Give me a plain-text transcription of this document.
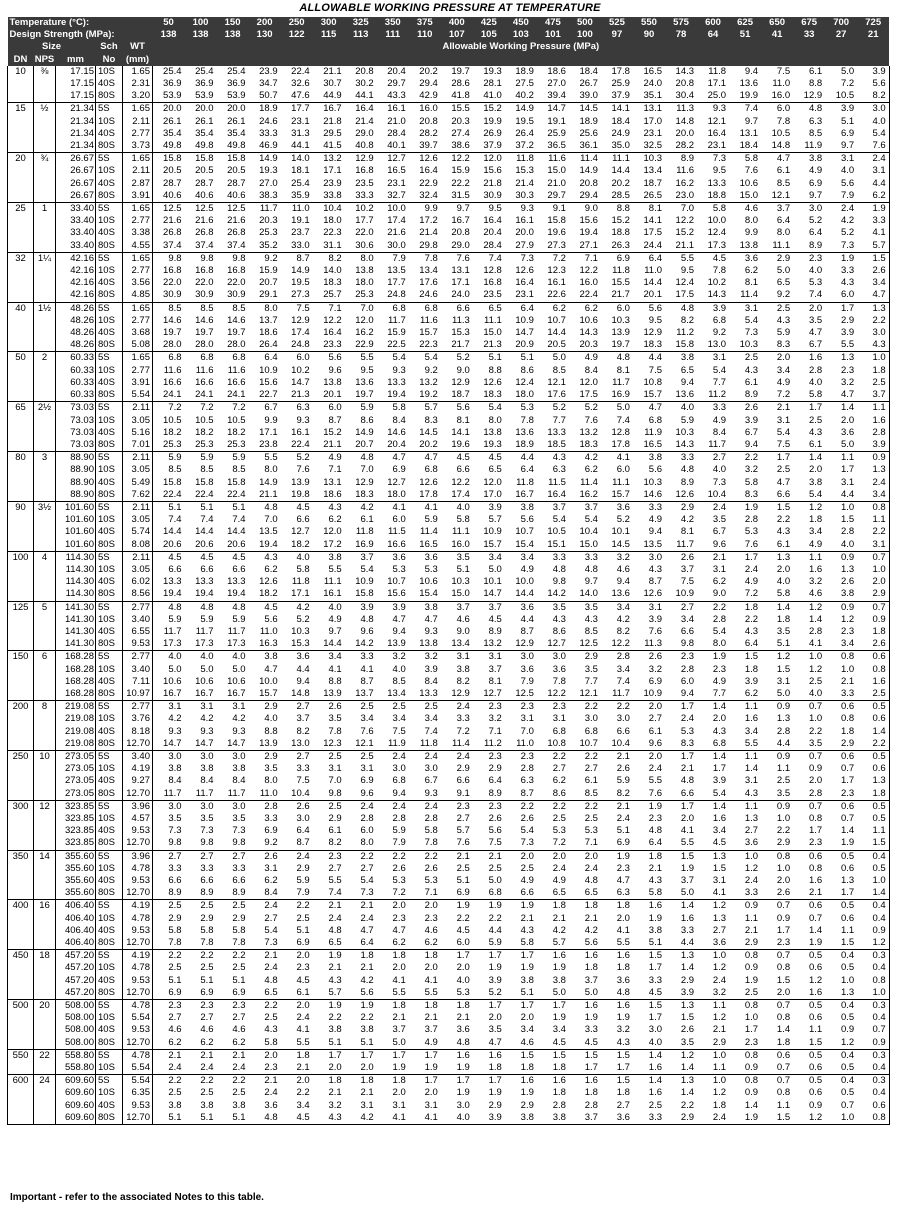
ALLOWABLE WORKING PRESSURE AT TEMPERATURE
Temperature (°C):					50	100	150	200	250	300	325	350	375	400	425	450	475	500	525	550	575	600	625	650	675	700	725
Design Strength (MPa):					138	138	138	130	122	115	113	111	110	107	105	103	101	100	97	90	78	64	51	41	33	27	21
Size			Sch	WT	Allowable Working Pressure (MPa)																						
DN	NPS	mm	No	(mm)																							
10	⅜	17.15	10S	1.65	25.4	25.4	25.4	23.9	22.4	21.1	20.8	20.4	20.2	19.7	19.3	18.9	18.6	18.4	17.8	16.5	14.3	11.8	9.4	7.5	6.1	5.0	3.9
		17.15	40S	2.31	36.9	36.9	36.9	34.7	32.6	30.7	30.2	29.7	29.4	28.6	28.1	27.5	27.0	26.7	25.9	24.0	20.8	17.1	13.6	11.0	8.8	7.2	5.6
		17.15	80S	3.20	53.9	53.9	53.9	50.7	47.6	44.9	44.1	43.3	42.9	41.8	41.0	40.2	39.4	39.0	37.9	35.1	30.4	25.0	19.9	16.0	12.9	10.5	8.2
15	½	21.34	5S	1.65	20.0	20.0	20.0	18.9	17.7	16.7	16.4	16.1	16.0	15.5	15.2	14.9	14.7	14.5	14.1	13.1	11.3	9.3	7.4	6.0	4.8	3.9	3.0
		21.34	10S	2.11	26.1	26.1	26.1	24.6	23.1	21.8	21.4	21.0	20.8	20.3	19.9	19.5	19.1	18.9	18.4	17.0	14.8	12.1	9.7	7.8	6.3	5.1	4.0
		21.34	40S	2.77	35.4	35.4	35.4	33.3	31.3	29.5	29.0	28.4	28.2	27.4	26.9	26.4	25.9	25.6	24.9	23.1	20.0	16.4	13.1	10.5	8.5	6.9	5.4
		21.34	80S	3.73	49.8	49.8	49.8	46.9	44.1	41.5	40.8	40.1	39.7	38.6	37.9	37.2	36.5	36.1	35.0	32.5	28.2	23.1	18.4	14.8	11.9	9.7	7.6
20	¾	26.67	5S	1.65	15.8	15.8	15.8	14.9	14.0	13.2	12.9	12.7	12.6	12.2	12.0	11.8	11.6	11.4	11.1	10.3	8.9	7.3	5.8	4.7	3.8	3.1	2.4
		26.67	10S	2.11	20.5	20.5	20.5	19.3	18.1	17.1	16.8	16.5	16.4	15.9	15.6	15.3	15.0	14.9	14.4	13.4	11.6	9.5	7.6	6.1	4.9	4.0	3.1
		26.67	40S	2.87	28.7	28.7	28.7	27.0	25.4	23.9	23.5	23.1	22.9	22.2	21.8	21.4	21.0	20.8	20.2	18.7	16.2	13.3	10.6	8.5	6.9	5.6	4.4
		26.67	80S	3.91	40.6	40.6	40.6	38.3	35.9	33.8	33.3	32.7	32.4	31.5	30.9	30.3	29.7	29.4	28.5	26.5	23.0	18.8	15.0	12.1	9.7	7.9	6.2
25	1	33.40	5S	1.65	12.5	12.5	12.5	11.7	11.0	10.4	10.2	10.0	9.9	9.7	9.5	9.3	9.1	9.0	8.8	8.1	7.0	5.8	4.6	3.7	3.0	2.4	1.9
		33.40	10S	2.77	21.6	21.6	21.6	20.3	19.1	18.0	17.7	17.4	17.2	16.7	16.4	16.1	15.8	15.6	15.2	14.1	12.2	10.0	8.0	6.4	5.2	4.2	3.3
		33.40	40S	3.38	26.8	26.8	26.8	25.3	23.7	22.3	22.0	21.6	21.4	20.8	20.4	20.0	19.6	19.4	18.8	17.5	15.2	12.4	9.9	8.0	6.4	5.2	4.1
		33.40	80S	4.55	37.4	37.4	37.4	35.2	33.0	31.1	30.6	30.0	29.8	29.0	28.4	27.9	27.3	27.1	26.3	24.4	21.1	17.3	13.8	11.1	8.9	7.3	5.7
32	1¼	42.16	5S	1.65	9.8	9.8	9.8	9.2	8.7	8.2	8.0	7.9	7.8	7.6	7.4	7.3	7.2	7.1	6.9	6.4	5.5	4.5	3.6	2.9	2.3	1.9	1.5
		42.16	10S	2.77	16.8	16.8	16.8	15.9	14.9	14.0	13.8	13.5	13.4	13.1	12.8	12.6	12.3	12.2	11.8	11.0	9.5	7.8	6.2	5.0	4.0	3.3	2.6
		42.16	40S	3.56	22.0	22.0	22.0	20.7	19.5	18.3	18.0	17.7	17.6	17.1	16.8	16.4	16.1	16.0	15.5	14.4	12.4	10.2	8.1	6.5	5.3	4.3	3.4
		42.16	80S	4.85	30.9	30.9	30.9	29.1	27.3	25.7	25.3	24.8	24.6	24.0	23.5	23.1	22.6	22.4	21.7	20.1	17.5	14.3	11.4	9.2	7.4	6.0	4.7
40	1½	48.26	5S	1.65	8.5	8.5	8.5	8.0	7.5	7.1	7.0	6.8	6.8	6.6	6.5	6.4	6.2	6.2	6.0	5.6	4.8	3.9	3.1	2.5	2.0	1.7	1.3
		48.26	10S	2.77	14.6	14.6	14.6	13.7	12.9	12.2	12.0	11.7	11.6	11.3	11.1	10.9	10.7	10.6	10.3	9.5	8.2	6.8	5.4	4.3	3.5	2.9	2.2
		48.26	40S	3.68	19.7	19.7	19.7	18.6	17.4	16.4	16.2	15.9	15.7	15.3	15.0	14.7	14.4	14.3	13.9	12.9	11.2	9.2	7.3	5.9	4.7	3.9	3.0
		48.26	80S	5.08	28.0	28.0	28.0	26.4	24.8	23.3	22.9	22.5	22.3	21.7	21.3	20.9	20.5	20.3	19.7	18.3	15.8	13.0	10.3	8.3	6.7	5.5	4.3
50	2	60.33	5S	1.65	6.8	6.8	6.8	6.4	6.0	5.6	5.5	5.4	5.4	5.2	5.1	5.1	5.0	4.9	4.8	4.4	3.8	3.1	2.5	2.0	1.6	1.3	1.0
		60.33	10S	2.77	11.6	11.6	11.6	10.9	10.2	9.6	9.5	9.3	9.2	9.0	8.8	8.6	8.5	8.4	8.1	7.5	6.5	5.4	4.3	3.4	2.8	2.3	1.8
		60.33	40S	3.91	16.6	16.6	16.6	15.6	14.7	13.8	13.6	13.3	13.2	12.9	12.6	12.4	12.1	12.0	11.7	10.8	9.4	7.7	6.1	4.9	4.0	3.2	2.5
		60.33	80S	5.54	24.1	24.1	24.1	22.7	21.3	20.1	19.7	19.4	19.2	18.7	18.3	18.0	17.6	17.5	16.9	15.7	13.6	11.2	8.9	7.2	5.8	4.7	3.7
65	2½	73.03	5S	2.11	7.2	7.2	7.2	6.7	6.3	6.0	5.9	5.8	5.7	5.6	5.4	5.3	5.2	5.2	5.0	4.7	4.0	3.3	2.6	2.1	1.7	1.4	1.1
		73.03	10S	3.05	10.5	10.5	10.5	9.9	9.3	8.7	8.6	8.4	8.3	8.1	8.0	7.8	7.7	7.6	7.4	6.8	5.9	4.9	3.9	3.1	2.5	2.0	1.6
		73.03	40S	5.16	18.2	18.2	18.2	17.1	16.1	15.2	14.9	14.6	14.5	14.1	13.8	13.6	13.3	13.2	12.8	11.9	10.3	8.4	6.7	5.4	4.3	3.6	2.8
		73.03	80S	7.01	25.3	25.3	25.3	23.8	22.4	21.1	20.7	20.4	20.2	19.6	19.3	18.9	18.5	18.3	17.8	16.5	14.3	11.7	9.4	7.5	6.1	5.0	3.9
80	3	88.90	5S	2.11	5.9	5.9	5.9	5.5	5.2	4.9	4.8	4.7	4.7	4.5	4.5	4.4	4.3	4.2	4.1	3.8	3.3	2.7	2.2	1.7	1.4	1.1	0.9
		88.90	10S	3.05	8.5	8.5	8.5	8.0	7.6	7.1	7.0	6.9	6.8	6.6	6.5	6.4	6.3	6.2	6.0	5.6	4.8	4.0	3.2	2.5	2.0	1.7	1.3
		88.90	40S	5.49	15.8	15.8	15.8	14.9	13.9	13.1	12.9	12.7	12.6	12.2	12.0	11.8	11.5	11.4	11.1	10.3	8.9	7.3	5.8	4.7	3.8	3.1	2.4
		88.90	80S	7.62	22.4	22.4	22.4	21.1	19.8	18.6	18.3	18.0	17.8	17.4	17.0	16.7	16.4	16.2	15.7	14.6	12.6	10.4	8.3	6.6	5.4	4.4	3.4
90	3½	101.60	5S	2.11	5.1	5.1	5.1	4.8	4.5	4.3	4.2	4.1	4.1	4.0	3.9	3.8	3.7	3.7	3.6	3.3	2.9	2.4	1.9	1.5	1.2	1.0	0.8
		101.60	10S	3.05	7.4	7.4	7.4	7.0	6.6	6.2	6.1	6.0	5.9	5.8	5.7	5.6	5.4	5.4	5.2	4.9	4.2	3.5	2.8	2.2	1.8	1.5	1.1
		101.60	40S	5.74	14.4	14.4	14.4	13.5	12.7	12.0	11.8	11.5	11.4	11.1	10.9	10.7	10.5	10.4	10.1	9.4	8.1	6.7	5.3	4.3	3.4	2.8	2.2
		101.60	80S	8.08	20.6	20.6	20.6	19.4	18.2	17.2	16.9	16.6	16.5	16.0	15.7	15.4	15.1	15.0	14.5	13.5	11.7	9.6	7.6	6.1	4.9	4.0	3.1
100	4	114.30	5S	2.11	4.5	4.5	4.5	4.3	4.0	3.8	3.7	3.6	3.6	3.5	3.4	3.4	3.3	3.3	3.2	3.0	2.6	2.1	1.7	1.3	1.1	0.9	0.7
		114.30	10S	3.05	6.6	6.6	6.6	6.2	5.8	5.5	5.4	5.3	5.3	5.1	5.0	4.9	4.8	4.8	4.6	4.3	3.7	3.1	2.4	2.0	1.6	1.3	1.0
		114.30	40S	6.02	13.3	13.3	13.3	12.6	11.8	11.1	10.9	10.7	10.6	10.3	10.1	10.0	9.8	9.7	9.4	8.7	7.5	6.2	4.9	4.0	3.2	2.6	2.0
		114.30	80S	8.56	19.4	19.4	19.4	18.2	17.1	16.1	15.8	15.6	15.4	15.0	14.7	14.4	14.2	14.0	13.6	12.6	10.9	9.0	7.2	5.8	4.6	3.8	2.9
125	5	141.30	5S	2.77	4.8	4.8	4.8	4.5	4.2	4.0	3.9	3.9	3.8	3.7	3.7	3.6	3.5	3.5	3.4	3.1	2.7	2.2	1.8	1.4	1.2	0.9	0.7
		141.30	10S	3.40	5.9	5.9	5.9	5.6	5.2	4.9	4.8	4.7	4.7	4.6	4.5	4.4	4.3	4.3	4.2	3.9	3.4	2.8	2.2	1.8	1.4	1.2	0.9
		141.30	40S	6.55	11.7	11.7	11.7	11.0	10.3	9.7	9.6	9.4	9.3	9.0	8.9	8.7	8.6	8.5	8.2	7.6	6.6	5.4	4.3	3.5	2.8	2.3	1.8
		141.30	80S	9.53	17.3	17.3	17.3	16.3	15.3	14.4	14.2	13.9	13.8	13.4	13.2	12.9	12.7	12.5	12.2	11.3	9.8	8.0	6.4	5.1	4.1	3.4	2.6
150	6	168.28	5S	2.77	4.0	4.0	4.0	3.8	3.6	3.4	3.3	3.2	3.2	3.1	3.1	3.0	3.0	2.9	2.8	2.6	2.3	1.9	1.5	1.2	1.0	0.8	0.6
		168.28	10S	3.40	5.0	5.0	5.0	4.7	4.4	4.1	4.1	4.0	3.9	3.8	3.7	3.6	3.6	3.5	3.4	3.2	2.8	2.3	1.8	1.5	1.2	1.0	0.8
		168.28	40S	7.11	10.6	10.6	10.6	10.0	9.4	8.8	8.7	8.5	8.4	8.2	8.1	7.9	7.8	7.7	7.4	6.9	6.0	4.9	3.9	3.1	2.5	2.1	1.6
		168.28	80S	10.97	16.7	16.7	16.7	15.7	14.8	13.9	13.7	13.4	13.3	12.9	12.7	12.5	12.2	12.1	11.7	10.9	9.4	7.7	6.2	5.0	4.0	3.3	2.5
200	8	219.08	5S	2.77	3.1	3.1	3.1	2.9	2.7	2.6	2.5	2.5	2.5	2.4	2.3	2.3	2.3	2.2	2.2	2.0	1.7	1.4	1.1	0.9	0.7	0.6	0.5
		219.08	10S	3.76	4.2	4.2	4.2	4.0	3.7	3.5	3.4	3.4	3.4	3.3	3.2	3.1	3.1	3.0	3.0	2.7	2.4	2.0	1.6	1.3	1.0	0.8	0.6
		219.08	40S	8.18	9.3	9.3	9.3	8.8	8.2	7.8	7.6	7.5	7.4	7.2	7.1	7.0	6.8	6.8	6.6	6.1	5.3	4.3	3.4	2.8	2.2	1.8	1.4
		219.08	80S	12.70	14.7	14.7	14.7	13.9	13.0	12.3	12.1	11.9	11.8	11.4	11.2	11.0	10.8	10.7	10.4	9.6	8.3	6.8	5.5	4.4	3.5	2.9	2.2
250	10	273.05	5S	3.40	3.0	3.0	3.0	2.9	2.7	2.5	2.5	2.4	2.4	2.4	2.3	2.3	2.2	2.2	2.1	2.0	1.7	1.4	1.1	0.9	0.7	0.6	0.5
		273.05	10S	4.19	3.8	3.8	3.8	3.5	3.3	3.1	3.1	3.0	3.0	2.9	2.9	2.8	2.7	2.7	2.6	2.4	2.1	1.7	1.4	1.1	0.9	0.7	0.6
		273.05	40S	9.27	8.4	8.4	8.4	8.0	7.5	7.0	6.9	6.8	6.7	6.6	6.4	6.3	6.2	6.1	5.9	5.5	4.8	3.9	3.1	2.5	2.0	1.7	1.3
		273.05	80S	12.70	11.7	11.7	11.7	11.0	10.4	9.8	9.6	9.4	9.3	9.1	8.9	8.7	8.6	8.5	8.2	7.6	6.6	5.4	4.3	3.5	2.8	2.3	1.8
300	12	323.85	5S	3.96	3.0	3.0	3.0	2.8	2.6	2.5	2.4	2.4	2.4	2.3	2.3	2.2	2.2	2.2	2.1	1.9	1.7	1.4	1.1	0.9	0.7	0.6	0.5
		323.85	10S	4.57	3.5	3.5	3.5	3.3	3.0	2.9	2.8	2.8	2.8	2.7	2.6	2.6	2.5	2.5	2.4	2.3	2.0	1.6	1.3	1.0	0.8	0.7	0.5
		323.85	40S	9.53	7.3	7.3	7.3	6.9	6.4	6.1	6.0	5.9	5.8	5.7	5.6	5.4	5.3	5.3	5.1	4.8	4.1	3.4	2.7	2.2	1.7	1.4	1.1
		323.85	80S	12.70	9.8	9.8	9.8	9.2	8.7	8.2	8.0	7.9	7.8	7.6	7.5	7.3	7.2	7.1	6.9	6.4	5.5	4.5	3.6	2.9	2.3	1.9	1.5
350	14	355.60	5S	3.96	2.7	2.7	2.7	2.6	2.4	2.3	2.2	2.2	2.2	2.1	2.1	2.0	2.0	2.0	1.9	1.8	1.5	1.3	1.0	0.8	0.6	0.5	0.4
		355.60	10S	4.78	3.3	3.3	3.3	3.1	2.9	2.7	2.7	2.6	2.6	2.5	2.5	2.5	2.4	2.4	2.3	2.1	1.9	1.5	1.2	1.0	0.8	0.6	0.5
		355.60	40S	9.53	6.6	6.6	6.6	6.2	5.9	5.5	5.4	5.3	5.3	5.1	5.0	4.9	4.9	4.8	4.7	4.3	3.7	3.1	2.4	2.0	1.6	1.3	1.0
		355.60	80S	12.70	8.9	8.9	8.9	8.4	7.9	7.4	7.3	7.2	7.1	6.9	6.8	6.6	6.5	6.5	6.3	5.8	5.0	4.1	3.3	2.6	2.1	1.7	1.4
400	16	406.40	5S	4.19	2.5	2.5	2.5	2.4	2.2	2.1	2.1	2.0	2.0	1.9	1.9	1.9	1.8	1.8	1.8	1.6	1.4	1.2	0.9	0.7	0.6	0.5	0.4
		406.40	10S	4.78	2.9	2.9	2.9	2.7	2.5	2.4	2.4	2.3	2.3	2.2	2.2	2.1	2.1	2.1	2.0	1.9	1.6	1.3	1.1	0.9	0.7	0.6	0.4
		406.40	40S	9.53	5.8	5.8	5.8	5.4	5.1	4.8	4.7	4.7	4.6	4.5	4.4	4.3	4.2	4.2	4.1	3.8	3.3	2.7	2.1	1.7	1.4	1.1	0.9
		406.40	80S	12.70	7.8	7.8	7.8	7.3	6.9	6.5	6.4	6.2	6.2	6.0	5.9	5.8	5.7	5.6	5.5	5.1	4.4	3.6	2.9	2.3	1.9	1.5	1.2
450	18	457.20	5S	4.19	2.2	2.2	2.2	2.1	2.0	1.9	1.8	1.8	1.8	1.7	1.7	1.7	1.6	1.6	1.6	1.5	1.3	1.0	0.8	0.7	0.5	0.4	0.3
		457.20	10S	4.78	2.5	2.5	2.5	2.4	2.3	2.1	2.1	2.0	2.0	2.0	1.9	1.9	1.9	1.8	1.8	1.7	1.4	1.2	0.9	0.8	0.6	0.5	0.4
		457.20	40S	9.53	5.1	5.1	5.1	4.8	4.5	4.3	4.2	4.1	4.1	4.0	3.9	3.8	3.8	3.7	3.6	3.3	2.9	2.4	1.9	1.5	1.2	1.0	0.8
		457.20	80S	12.70	6.9	6.9	6.9	6.5	6.1	5.7	5.6	5.5	5.5	5.3	5.2	5.1	5.0	5.0	4.8	4.5	3.9	3.2	2.5	2.0	1.6	1.3	1.0
500	20	508.00	5S	4.78	2.3	2.3	2.3	2.2	2.0	1.9	1.9	1.8	1.8	1.8	1.7	1.7	1.7	1.6	1.6	1.5	1.3	1.1	0.8	0.7	0.5	0.4	0.3
		508.00	10S	5.54	2.7	2.7	2.7	2.5	2.4	2.2	2.2	2.1	2.1	2.1	2.0	2.0	1.9	1.9	1.9	1.7	1.5	1.2	1.0	0.8	0.6	0.5	0.4
		508.00	40S	9.53	4.6	4.6	4.6	4.3	4.1	3.8	3.8	3.7	3.7	3.6	3.5	3.4	3.4	3.3	3.2	3.0	2.6	2.1	1.7	1.4	1.1	0.9	0.7
		508.00	80S	12.70	6.2	6.2	6.2	5.8	5.5	5.1	5.1	5.0	4.9	4.8	4.7	4.6	4.5	4.5	4.3	4.0	3.5	2.9	2.3	1.8	1.5	1.2	0.9
550	22	558.80	5S	4.78	2.1	2.1	2.1	2.0	1.8	1.7	1.7	1.7	1.7	1.6	1.6	1.5	1.5	1.5	1.5	1.4	1.2	1.0	0.8	0.6	0.5	0.4	0.3
		558.80	10S	5.54	2.4	2.4	2.4	2.3	2.1	2.0	2.0	1.9	1.9	1.9	1.8	1.8	1.8	1.7	1.7	1.6	1.4	1.1	0.9	0.7	0.6	0.5	0.4
600	24	609.60	5S	5.54	2.2	2.2	2.2	2.1	2.0	1.8	1.8	1.8	1.7	1.7	1.7	1.6	1.6	1.6	1.5	1.4	1.3	1.0	0.8	0.7	0.5	0.4	0.3
		609.60	10S	6.35	2.5	2.5	2.5	2.4	2.2	2.1	2.1	2.0	2.0	1.9	1.9	1.9	1.8	1.8	1.8	1.6	1.4	1.2	0.9	0.8	0.6	0.5	0.4
		609.60	40S	9.53	3.8	3.8	3.8	3.6	3.4	3.2	3.1	3.1	3.1	3.0	2.9	2.9	2.8	2.8	2.7	2.5	2.2	1.8	1.4	1.1	0.9	0.7	0.6
		609.60	80S	12.70	5.1	5.1	5.1	4.8	4.5	4.3	4.2	4.1	4.1	4.0	3.9	3.8	3.8	3.7	3.6	3.3	2.9	2.4	1.9	1.5	1.2	1.0	0.8
Important - refer to the associated Notes to this table.
